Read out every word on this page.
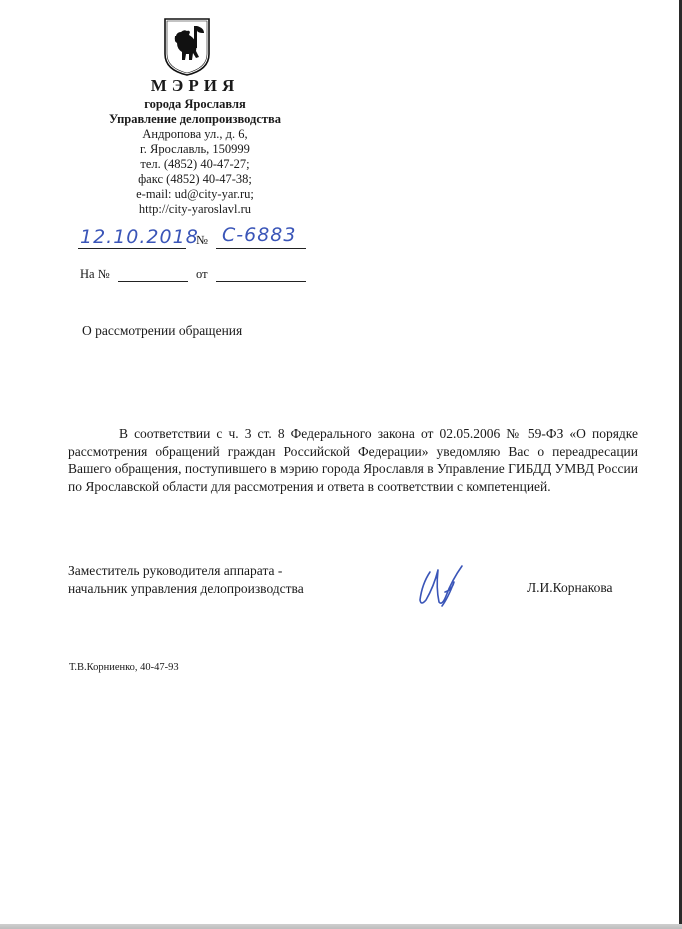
МЭРИЯ
города Ярославля
Управление делопроизводства
Андропова ул., д. 6,
г. Ярославль, 150999
тел. (4852) 40-47-27;
факс (4852) 40-47-38;
e-mail: ud@city-yar.ru;
http://city-yaroslavl.ru
12.10.2018
№ С-6883
На №	от
О рассмотрении обращения
В соответствии с ч. 3 ст. 8 Федерального закона от 02.05.2006 № 59-ФЗ «О порядке рассмотрения обращений граждан Российской Федерации» уведомляю Вас о переадресации Вашего обращения, поступившего в мэрию города Ярославля в Управление ГИБДД УМВД России по Ярославской области для рассмотрения и ответа в соответствии с компетенцией.
Заместитель руководителя аппарата -
начальник управления делопроизводства	Л.И.Корнакова
Т.В.Корниенко, 40-47-93
